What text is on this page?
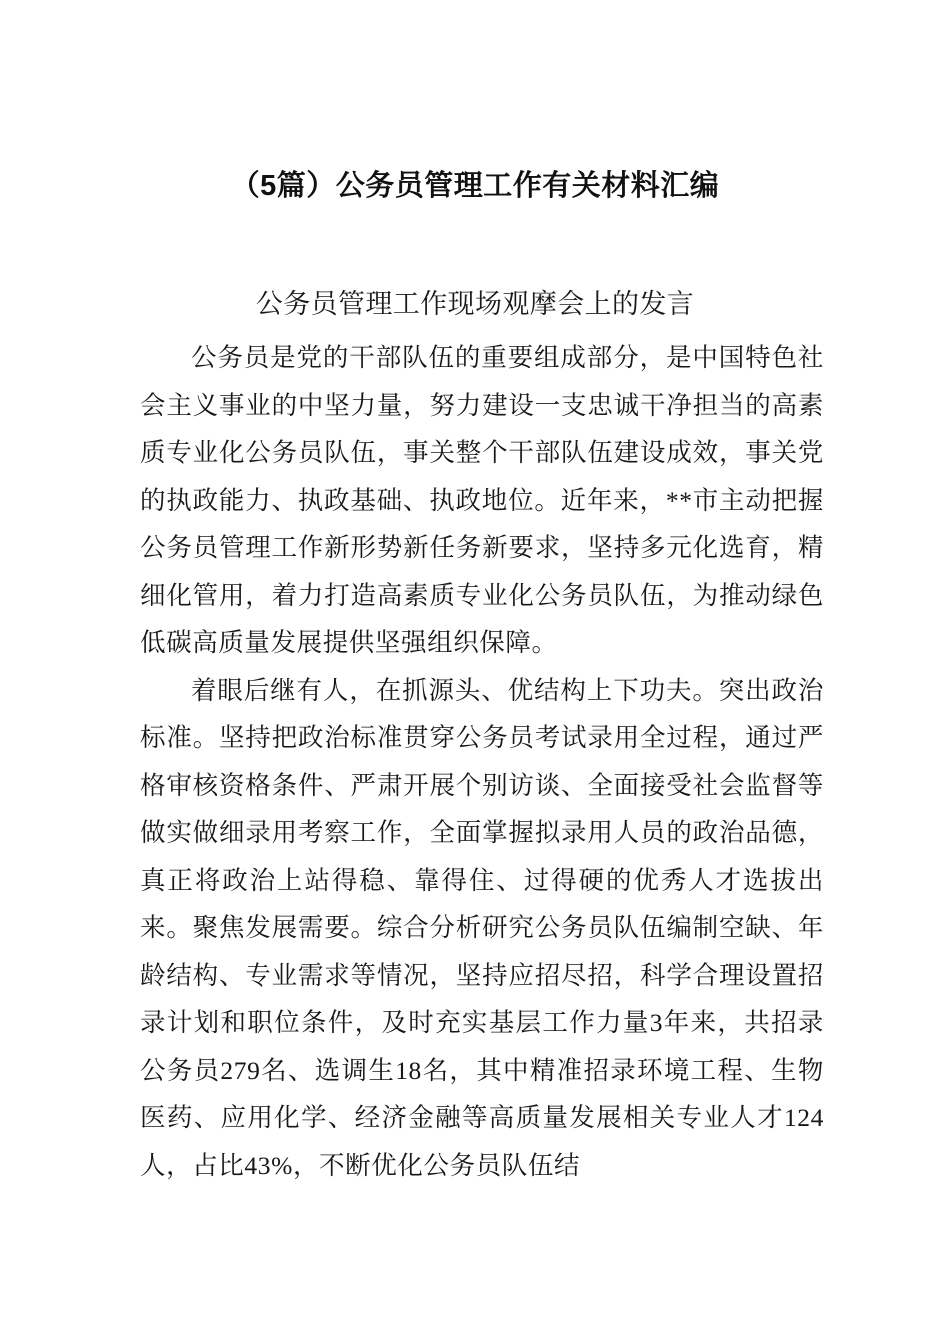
（5篇）公务员管理工作有关材料汇编
公务员管理工作现场观摩会上的发言

公务员是党的干部队伍的重要组成部分，是中国特色社会主义事业的中坚力量，努力建设一支忠诚干净担当的高素质专业化公务员队伍，事关整个干部队伍建设成效，事关党的执政能力、执政基础、执政地位。近年来，**市主动把握公务员管理工作新形势新任务新要求，坚持多元化选育，精细化管用，着力打造高素质专业化公务员队伍，为推动绿色低碳高质量发展提供坚强组织保障。

着眼后继有人，在抓源头、优结构上下功夫。突出政治标准。坚持把政治标准贯穿公务员考试录用全过程，通过严格审核资格条件、严肃开展个别访谈、全面接受社会监督等做实做细录用考察工作，全面掌握拟录用人员的政治品德，真正将政治上站得稳、靠得住、过得硬的优秀人才选拔出来。聚焦发展需要。综合分析研究公务员队伍编制空缺、年龄结构、专业需求等情况，坚持应招尽招，科学合理设置招录计划和职位条件，及时充实基层工作力量3年来，共招录公务员279名、选调生18名，其中精准招录环境工程、生物医药、应用化学、经济金融等高质量发展相关专业人才124人，占比43%，不断优化公务员队伍结
